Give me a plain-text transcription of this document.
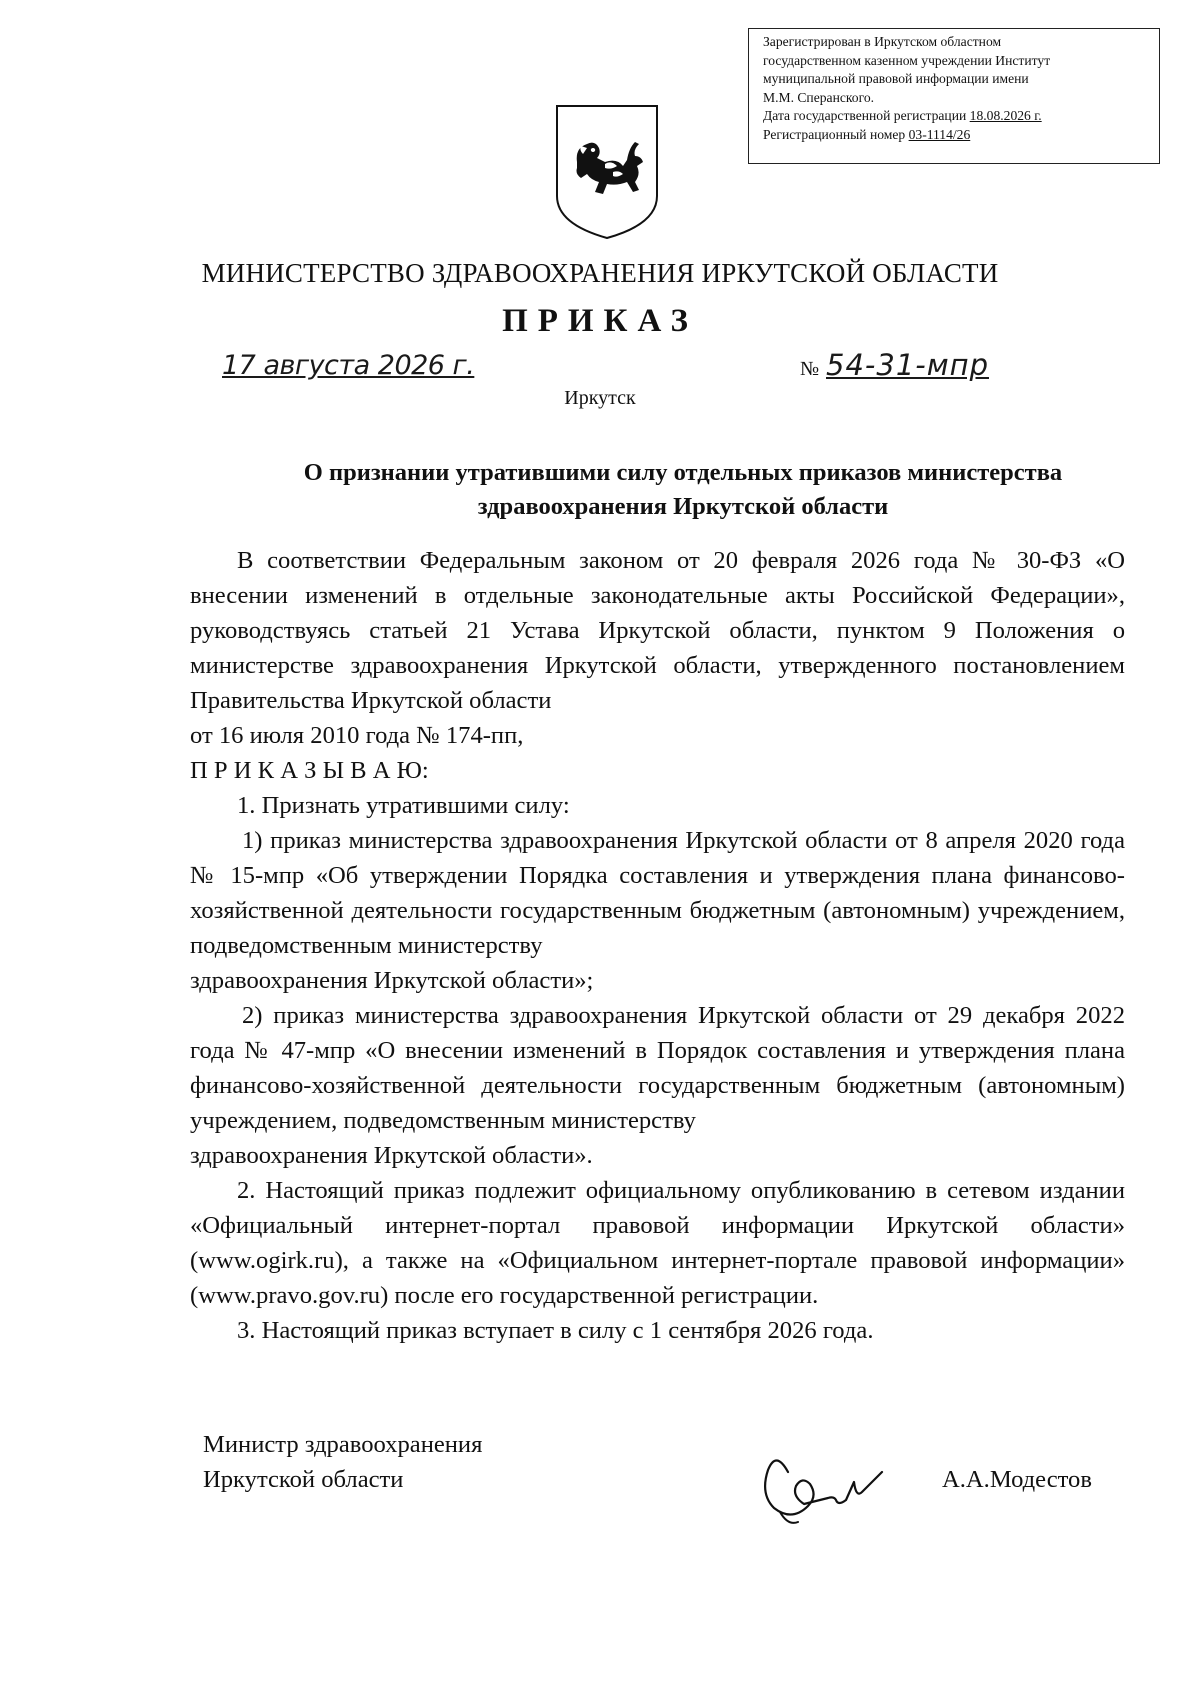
Зарегистрирован в Иркутском областном
государственном казенном учреждении Институт
муниципальной правовой информации имени
М.М. Сперанского.
Дата государственной регистрации 18.08.2026 г.
Регистрационный номер 03-1114/26
МИНИСТЕРСТВО ЗДРАВООХРАНЕНИЯ ИРКУТСКОЙ ОБЛАСТИ
ПРИКАЗ
17 августа 2026 г.	№ 54-31-мпр
Иркутск
О признании утратившими силу отдельных приказов министерства
здравоохранения Иркутской области

В соответствии Федеральным законом от 20 февраля 2026 года № 30-ФЗ «О внесении изменений в отдельные законодательные акты Российской Федерации», руководствуясь статьей 21 Устава Иркутской области, пунктом 9 Положения о министерстве здравоохранения Иркутской области, утвержденного постановлением Правительства Иркутской области

от 16 июля 2010 года № 174-пп,

П Р И К А З Ы В А Ю:

1. Признать утратившими силу:

1) приказ министерства здравоохранения Иркутской области от 8 апреля 2020 года № 15-мпр «Об утверждении Порядка составления и утверждения плана финансово-хозяйственной деятельности государственным бюджетным (автономным) учреждением, подведомственным министерству

здравоохранения Иркутской области»;

2) приказ министерства здравоохранения Иркутской области от 29 декабря 2022 года № 47-мпр «О внесении изменений в Порядок составления и утверждения плана финансово-хозяйственной деятельности государственным бюджетным (автономным) учреждением, подведомственным министерству

здравоохранения Иркутской области».

2. Настоящий приказ подлежит официальному опубликованию в сетевом издании «Официальный интернет-портал правовой информации Иркутской области» (www.ogirk.ru), а также на «Официальном интернет-портале правовой информации» (www.pravo.gov.ru) после его государственной регистрации.

3. Настоящий приказ вступает в силу с 1 сентября 2026 года.

Министр здравоохранения
Иркутской области	А.А.Модестов
